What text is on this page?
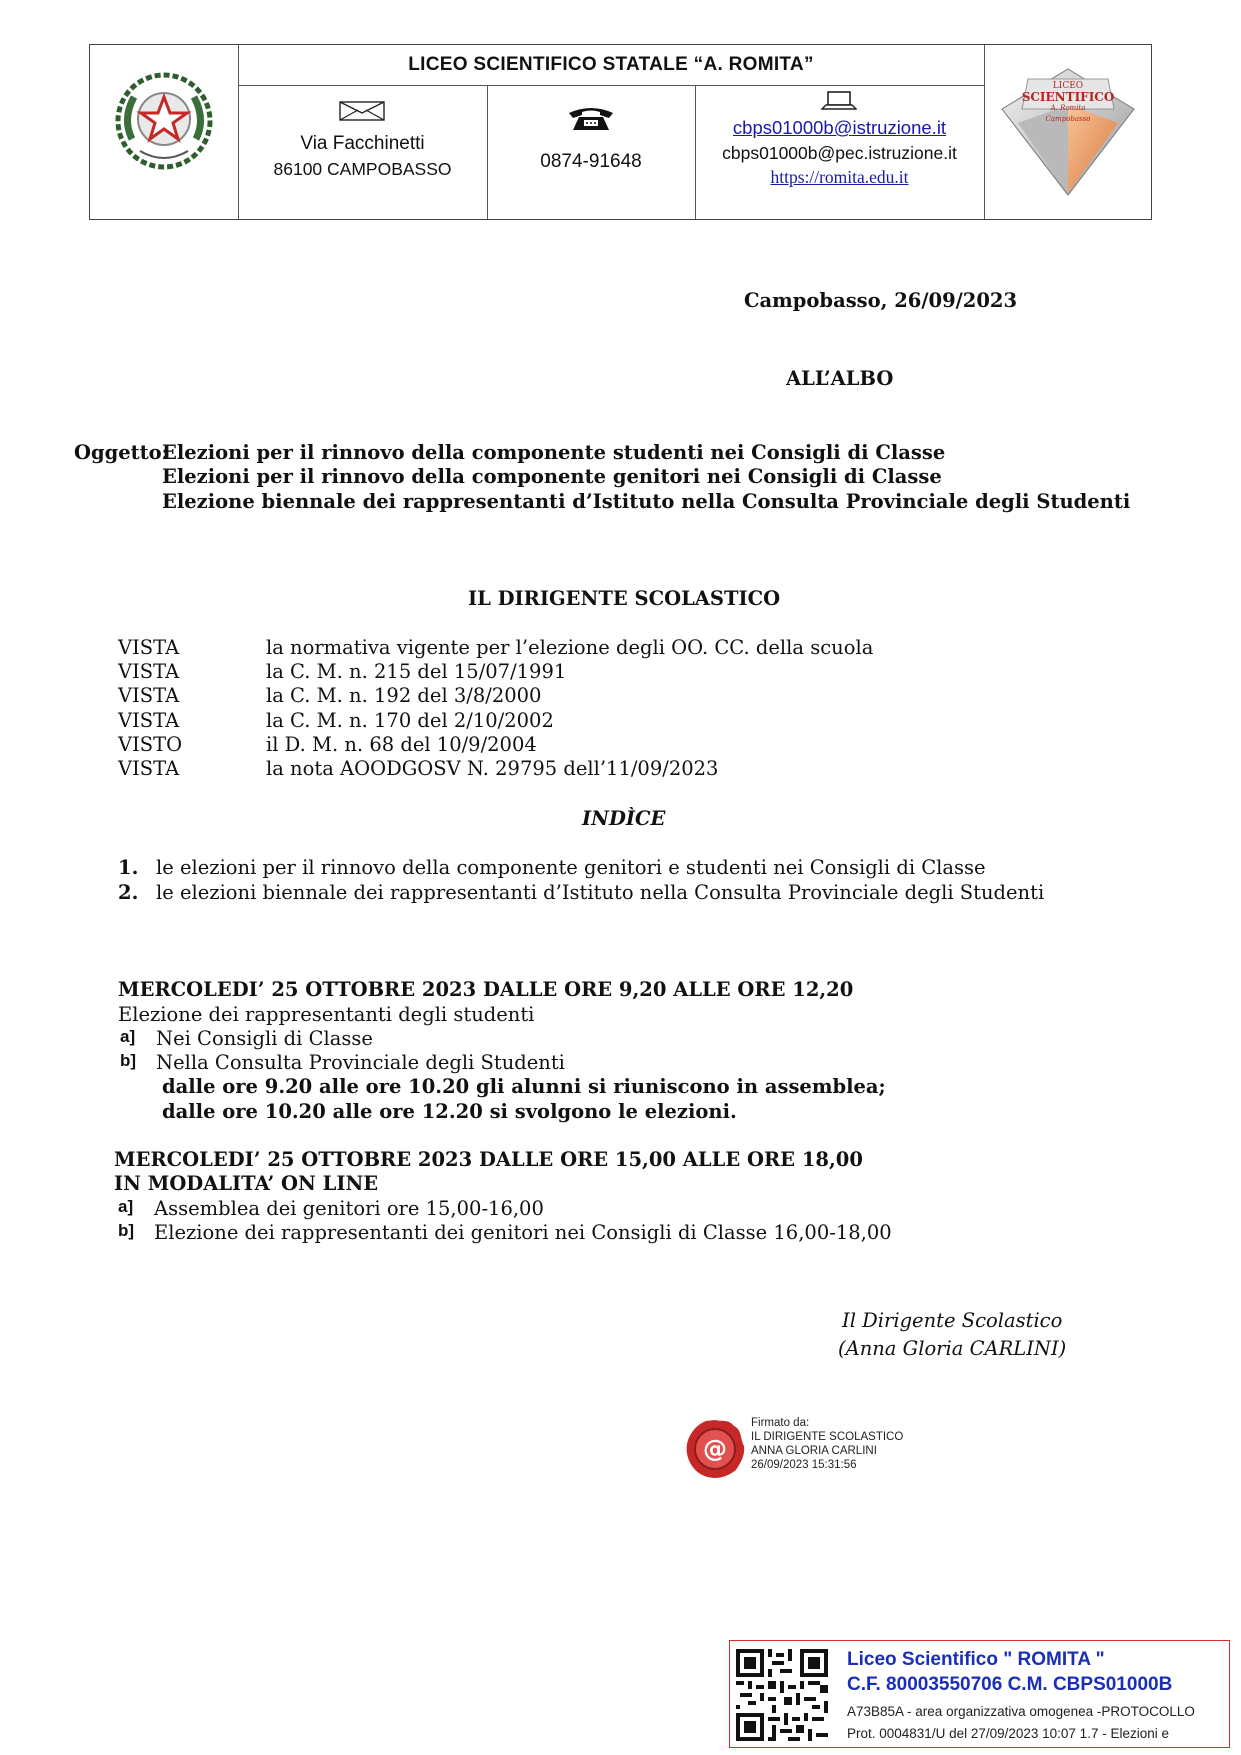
LICEO SCIENTIFICO STATALE “A. ROMITA”
Via Facchinetti
86100 CAMPOBASSO	0874-91648
cbps01000b@istruzione.it
cbps01000b@pec.istruzione.it
https://romita.edu.it
LICEO
SCIENTIFICO
A. Romita
Campobasso
Campobasso, 26/09/2023
ALL’ALBO
Oggetto:
Elezioni per il rinnovo della componente studenti nei Consigli di Classe
Elezioni per il rinnovo della componente genitori nei Consigli di Classe
Elezione biennale dei rappresentanti d’Istituto nella Consulta Provinciale degli Studenti
IL DIRIGENTE SCOLASTICO
VISTA	la normativa vigente per l’elezione degli OO. CC. della scuola
VISTA	la C. M. n. 215 del 15/07/1991
VISTA	la C. M. n. 192 del 3/8/2000
VISTA	la C. M. n. 170 del 2/10/2002
VISTO	il D. M. n. 68 del 10/9/2004
VISTA	la nota AOODGOSV N. 29795 dell’11/09/2023
INDÌCE
1. le elezioni per il rinnovo della componente genitori e studenti nei Consigli di Classe
2. le elezioni biennale dei rappresentanti d’Istituto nella Consulta Provinciale degli Studenti
MERCOLEDI’ 25 OTTOBRE 2023 DALLE ORE 9,20 ALLE ORE 12,20
Elezione dei rappresentanti degli studenti
a] Nei Consigli di Classe
b] Nella Consulta Provinciale degli Studenti
dalle ore 9.20 alle ore 10.20 gli alunni si riuniscono in assemblea;
dalle ore 10.20 alle ore 12.20 si svolgono le elezioni.
MERCOLEDI’ 25 OTTOBRE 2023 DALLE ORE 15,00 ALLE ORE 18,00
IN MODALITA’ ON LINE
a] Assemblea dei genitori ore 15,00-16,00
b] Elezione dei rappresentanti dei genitori nei Consigli di Classe 16,00-18,00
Il Dirigente Scolastico
(Anna Gloria CARLINI)
@
Firmato da:
IL DIRIGENTE SCOLASTICO
ANNA GLORIA CARLINI
26/09/2023 15:31:56
Liceo Scientifico " ROMITA "
C.F. 80003550706 C.M. CBPS01000B
A73B85A - area organizzativa omogenea -PROTOCOLLO
Prot. 0004831/U del 27/09/2023 10:07 1.7 - Elezioni e
